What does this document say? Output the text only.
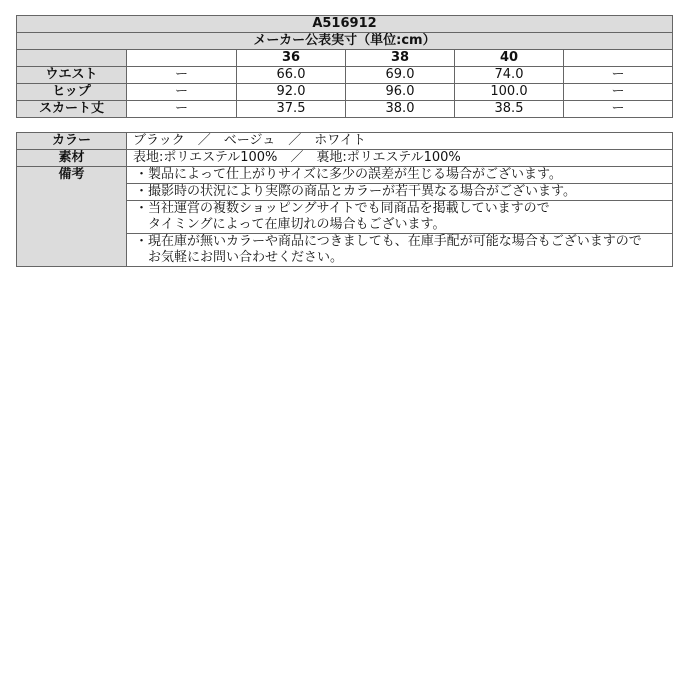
A516912					
メーカー公表実寸（単位:cm）					
		36	38	40	
ウエスト	ー	66.0	69.0	74.0	ー
ヒップ	ー	92.0	96.0	100.0	ー
スカート丈	ー	37.5	38.0	38.5	ー
カラー	ブラック　／　ベージュ　／　ホワイト
素材	表地:ポリエステル100%　／　裏地:ポリエステル100%
備考	・製品によって仕上がりサイズに多少の誤差が生じる場合がございます。

	・撮影時の状況により実際の商品とカラーが若干異なる場合がございます。

	・当社運営の複数ショッピングサイトでも同商品を掲載していますので
　タイミングによって在庫切れの場合もございます。

	・現在庫が無いカラーや商品につきましても、在庫手配が可能な場合もございますので
　お気軽にお問い合わせください。
